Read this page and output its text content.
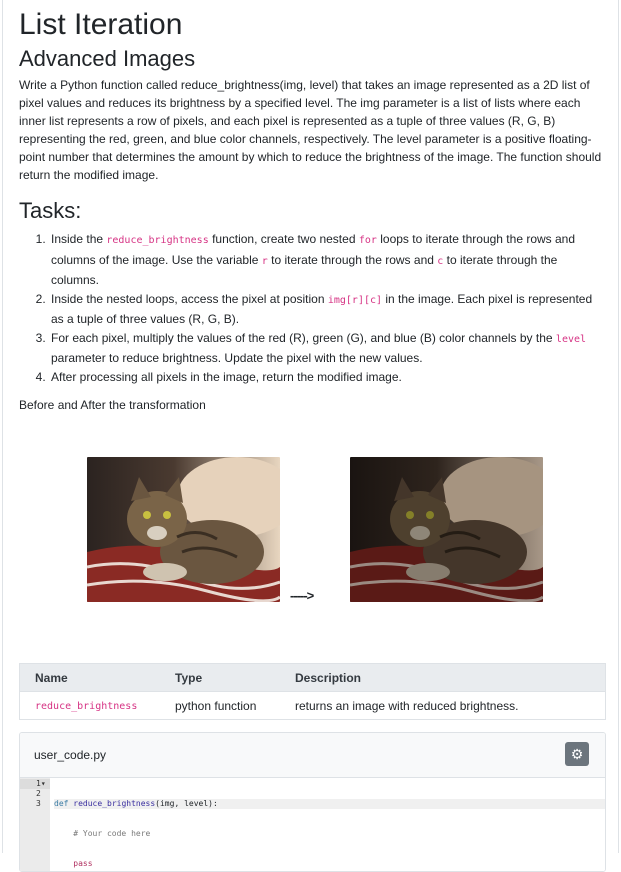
List Iteration
Advanced Images

Write a Python function called reduce_brightness(img, level) that takes an image represented as a 2D list of pixel values and reduces its brightness by a specified level. The img parameter is a list of lists where each inner list represents a row of pixels, and each pixel is represented as a tuple of three values (R, G, B) representing the red, green, and blue color channels, respectively. The level parameter is a positive floating-point number that determines the amount by which to reduce the brightness of the image. The function should return the modified image.

Tasks:
1. Inside the reduce_brightness function, create two nested for loops to iterate through the rows and columns of the image. Use the variable r to iterate through the rows and c to iterate through the columns.
2. Inside the nested loops, access the pixel at position img[r][c] in the image. Each pixel is represented as a tuple of three values (R, G, B).
3. For each pixel, multiply the values of the red (R), green (G), and blue (B) color channels by the level parameter to reduce brightness. Update the pixel with the new values.
4. After processing all pixels in the image, return the modified image.

Before and After the transformation

----->
Name	Type	Description
reduce_brightness	python function	returns an image with reduced brightness.
user_code.py	⚙
1▾
2
3

	def reduce_brightness(img, level):

# Your code here

pass
